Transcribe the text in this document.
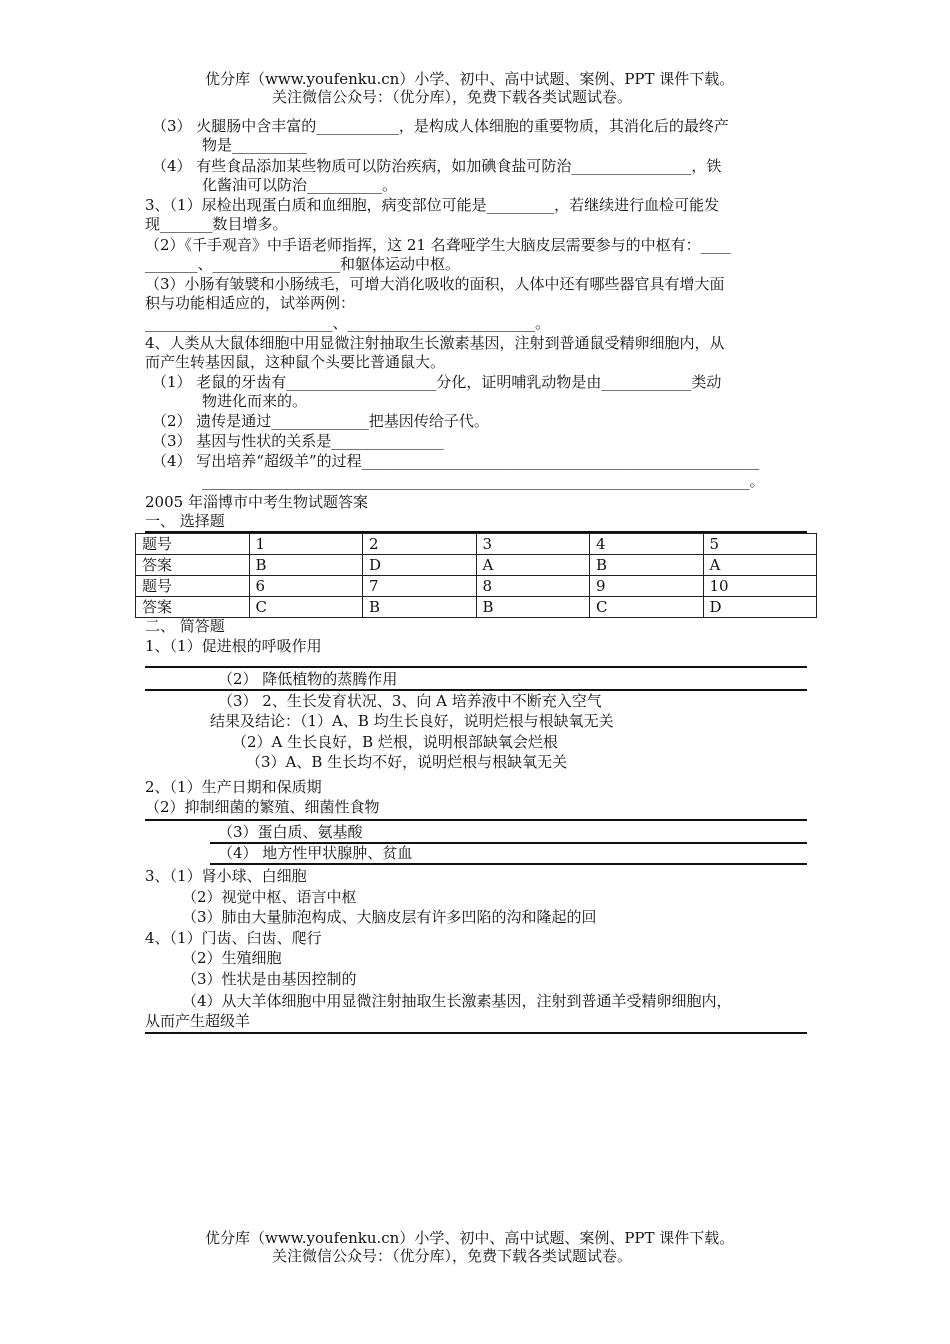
优分库（www.youfenku.cn）小学、初中、高中试题、案例、PPT 课件下载。
关注微信公众号：（优分库），免费下载各类试题试卷。
（3） 火腿肠中含丰富的___________，是构成人体细胞的重要物质，其消化后的最终产
物是__________
（4） 有些食品添加某些物质可以防治疾病，如加碘食盐可防治________________，铁
化酱油可以防治__________。
3、（1）尿检出现蛋白质和血细胞，病变部位可能是_________，若继续进行血检可能发
现_______数目增多。
（2）《千手观音》中手语老师指挥，这 21 名聋哑学生大脑皮层需要参与的中枢有：____
_______、_________________和躯体运动中枢。
（3）小肠有皱襞和小肠绒毛，可增大消化吸收的面积，人体中还有哪些器官具有增大面
积与功能相适应的，试举两例：
_________________________、_________________________。
4、人类从大鼠体细胞中用显微注射抽取生长激素基因，注射到普通鼠受精卵细胞内，从
而产生转基因鼠，这种鼠个头要比普通鼠大。
（1） 老鼠的牙齿有____________________分化，证明哺乳动物是由____________类动
物进化而来的。
（2） 遗传是通过_____________把基因传给子代。
（3） 基因与性状的关系是_______________
（4） 写出培养“超级羊”的过程_____________________________________________________
_________________________________________________________________________。
2005 年淄博市中考生物试题答案
一、 选择题
题号	1	2	3	4	5
答案	B	D	A	B	A
题号	6	7	8	9	10
答案	C	B	B	C	D
二、 简答题
1、（1）促进根的呼吸作用
（2） 降低植物的蒸腾作用
（3） 2、生长发育状况、3、向 A 培养液中不断充入空气
结果及结论：（1）A、B 均生长良好，说明烂根与根缺氧无关
（2）A 生长良好，B 烂根，说明根部缺氧会烂根
（3）A、B 生长均不好，说明烂根与根缺氧无关
2、（1）生产日期和保质期
（2）抑制细菌的繁殖、细菌性食物
（3）蛋白质、氨基酸
（4） 地方性甲状腺肿、贫血
3、（1）肾小球、白细胞
（2）视觉中枢、语言中枢
（3）肺由大量肺泡构成、大脑皮层有许多凹陷的沟和隆起的回
4、（1）门齿、臼齿、爬行
（2）生殖细胞
（3）性状是由基因控制的
（4）从大羊体细胞中用显微注射抽取生长激素基因，注射到普通羊受精卵细胞内，
从而产生超级羊
优分库（www.youfenku.cn）小学、初中、高中试题、案例、PPT 课件下载。
关注微信公众号：（优分库），免费下载各类试题试卷。
